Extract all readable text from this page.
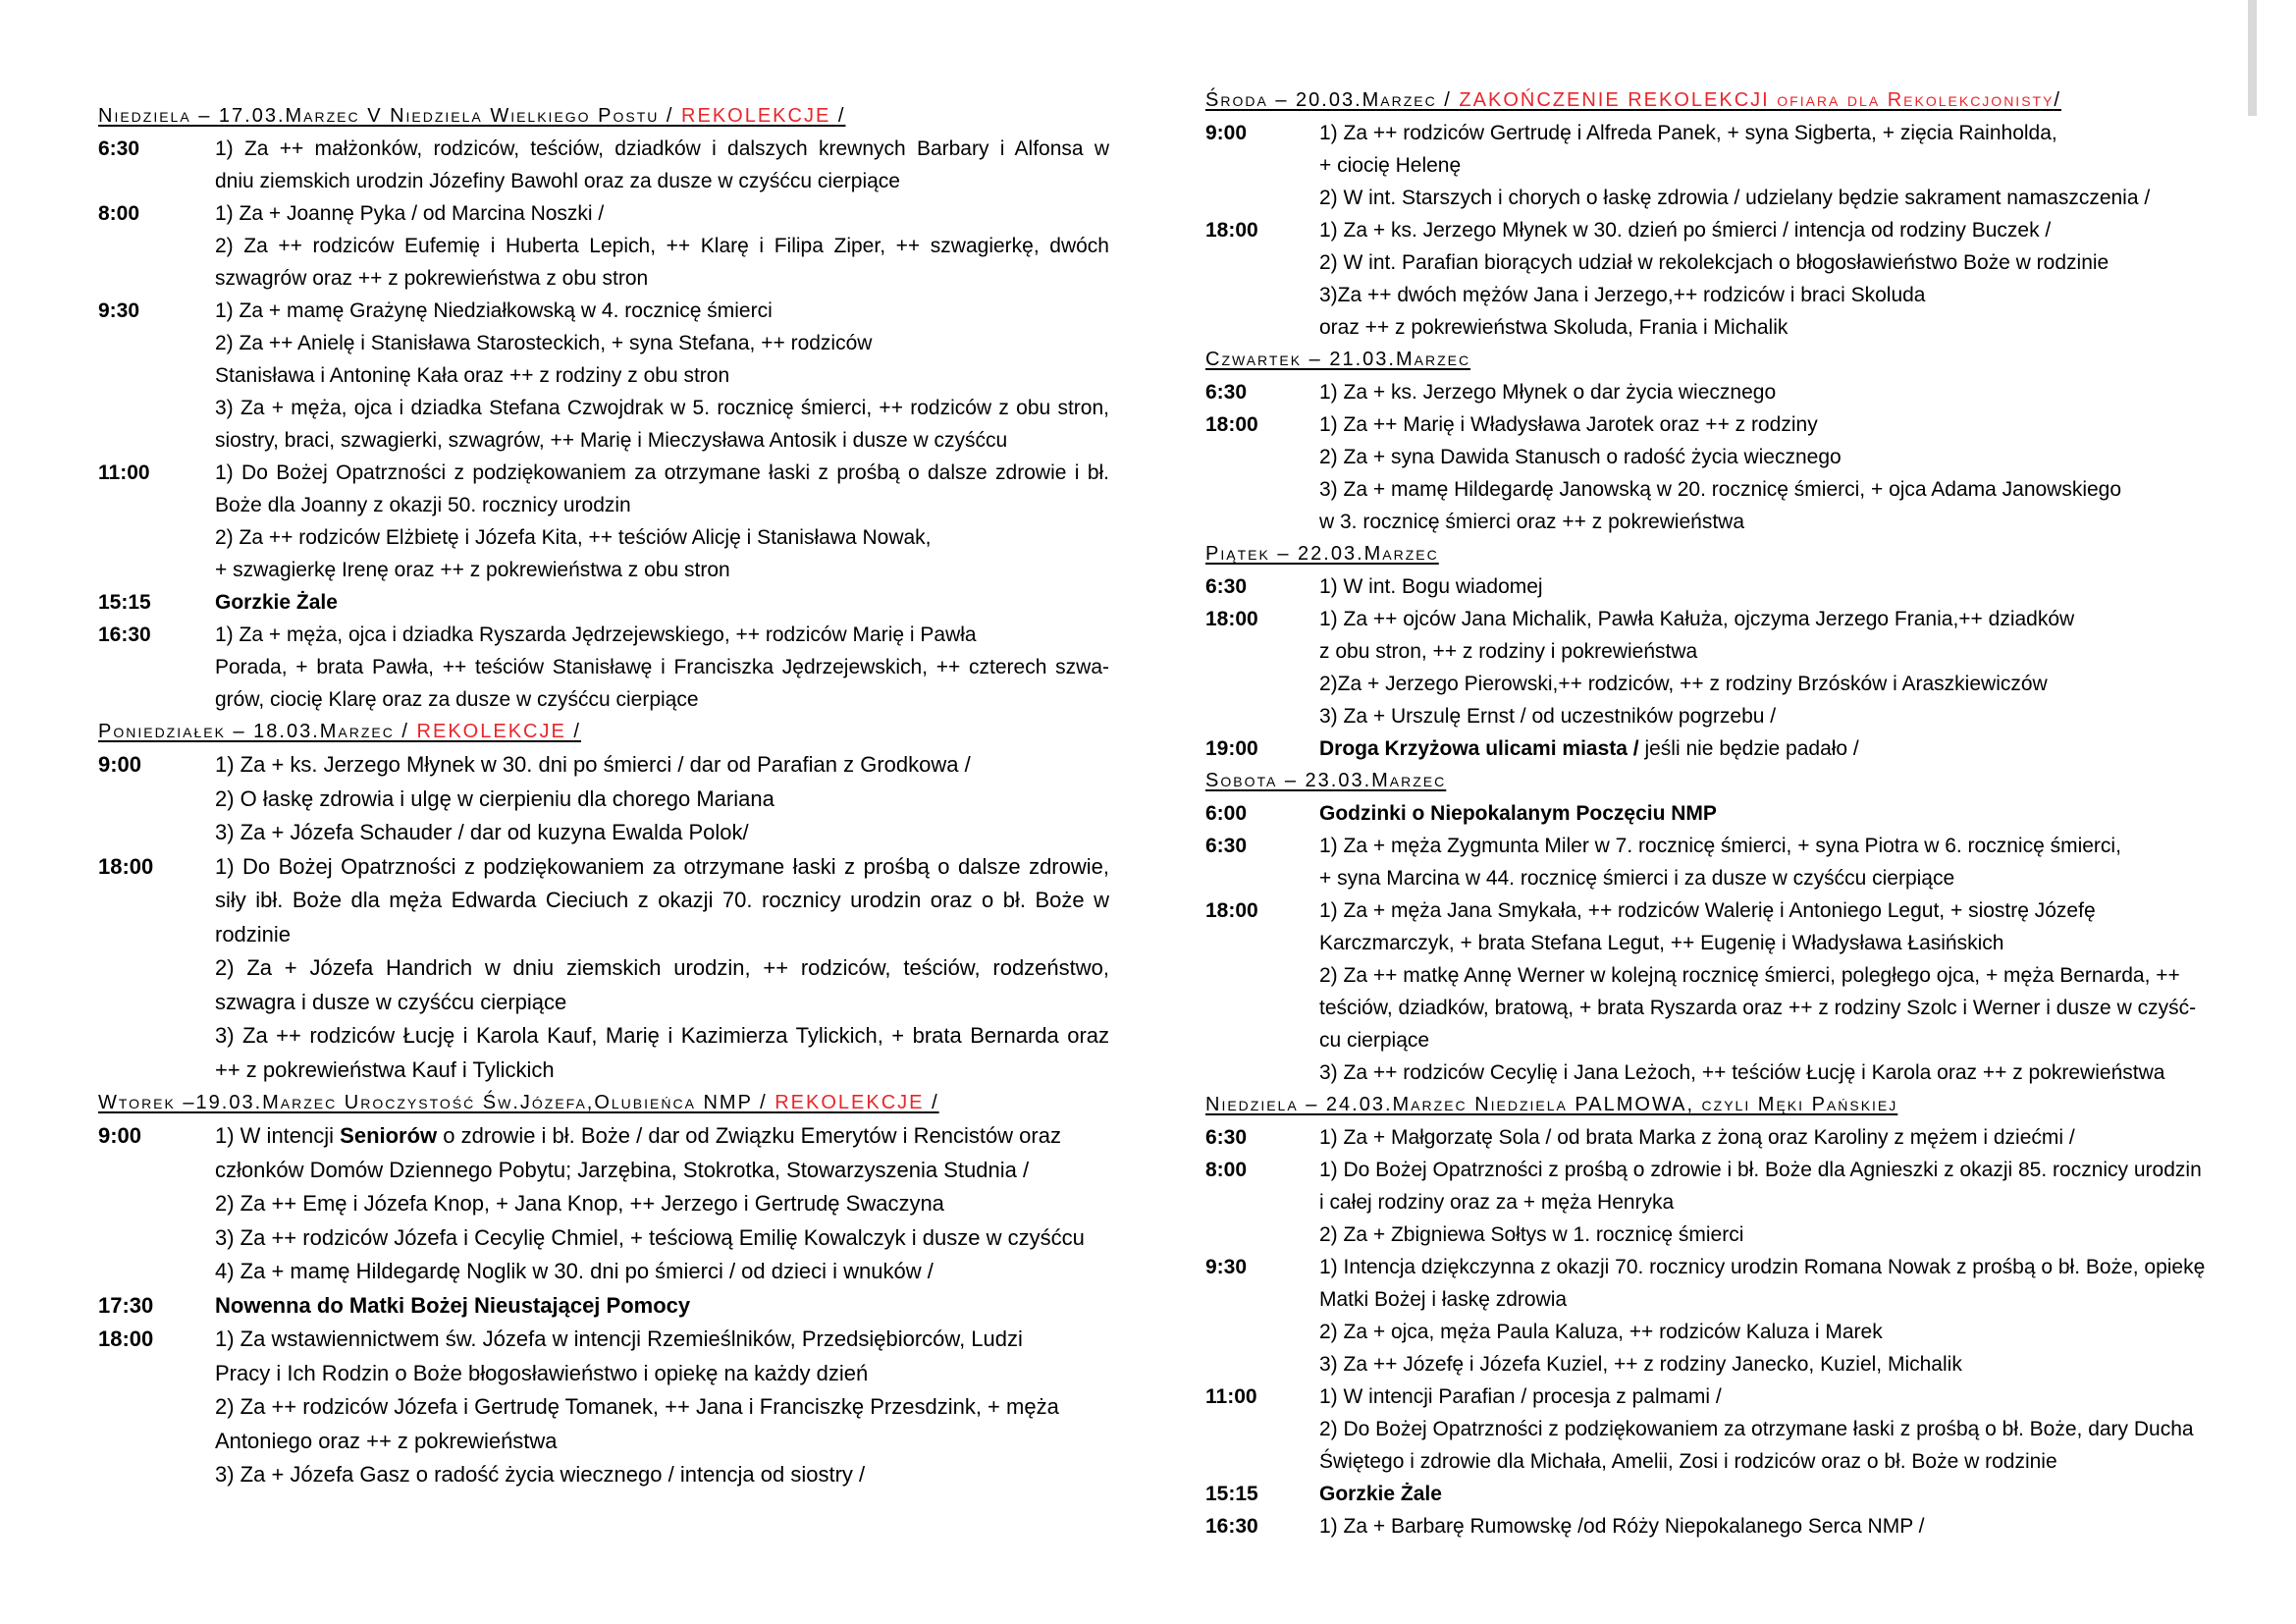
Niedziela – 17.03.Marzec V Niedziela Wielkiego Postu / REKOLEKCJE /
6:30	1) Za ++ małżonków, rodziców, teściów, dziadków i dalszych krewnych Barbary i Alfonsa w
dniu ziemskich urodzin Józefiny Bawohl oraz za dusze w czyśćcu cierpiące
8:00	1) Za + Joannę Pyka / od Marcina Noszki /
2) Za ++ rodziców Eufemię i Huberta Lepich, ++ Klarę i Filipa Ziper, ++ szwagierkę, dwóch
szwagrów oraz ++ z pokrewieństwa z obu stron
9:30	1) Za + mamę Grażynę Niedziałkowską w 4. rocznicę śmierci
2) Za ++ Anielę i Stanisława Starosteckich, + syna Stefana, ++ rodziców
Stanisława i Antoninę Kała oraz ++ z rodziny z obu stron
3) Za + męża, ojca i dziadka Stefana Czwojdrak w 5. rocznicę śmierci, ++ rodziców z obu stron,
siostry, braci, szwagierki, szwagrów, ++ Marię i Mieczysława Antosik i dusze w czyśćcu
11:00	1) Do Bożej Opatrzności z podziękowaniem za otrzymane łaski z prośbą o dalsze zdrowie i bł.
Boże dla Joanny z okazji 50. rocznicy urodzin
2) Za ++ rodziców Elżbietę i Józefa Kita, ++ teściów Alicję i Stanisława Nowak,
+ szwagierkę Irenę oraz ++ z pokrewieństwa z obu stron
15:15	Gorzkie Żale
16:30	1) Za + męża, ojca i dziadka Ryszarda Jędrzejewskiego, ++ rodziców Marię i Pawła
Porada, + brata Pawła, ++ teściów Stanisławę i Franciszka Jędrzejewskich, ++ czterech szwa-
grów, ciocię Klarę oraz za dusze w czyśćcu cierpiące
Poniedziałek – 18.03.Marzec / REKOLEKCJE /
9:00	1) Za + ks. Jerzego Młynek w 30. dni po śmierci / dar od Parafian z Grodkowa /
2) O łaskę zdrowia i ulgę w cierpieniu dla chorego Mariana
3) Za + Józefa Schauder / dar od kuzyna Ewalda Polok/
18:00	1) Do Bożej Opatrzności z podziękowaniem za otrzymane łaski z prośbą o dalsze zdrowie,
siły ibł. Boże dla męża Edwarda Cieciuch z okazji 70. rocznicy urodzin oraz o bł. Boże w
rodzinie
2) Za + Józefa Handrich w dniu ziemskich urodzin, ++ rodziców, teściów, rodzeństwo,
szwagra i dusze w czyśćcu cierpiące
3) Za ++ rodziców Łucję i Karola Kauf, Marię i Kazimierza Tylickich, + brata Bernarda oraz
++ z pokrewieństwa Kauf i Tylickich
Wtorek –19.03.Marzec Uroczystość Św.Józefa,Olubieńca NMP / REKOLEKCJE /
9:00	1) W intencji Seniorów o zdrowie i bł. Boże / dar od Związku Emerytów i Rencistów oraz
członków Domów Dziennego Pobytu; Jarzębina, Stokrotka, Stowarzyszenia Studnia /
2) Za ++ Emę i Józefa Knop, + Jana Knop, ++ Jerzego i Gertrudę Swaczyna
3) Za ++ rodziców Józefa i Cecylię Chmiel, + teściową Emilię Kowalczyk i dusze w czyśćcu
4) Za + mamę Hildegardę Noglik w 30. dni po śmierci / od dzieci i wnuków /
17:30	Nowenna do Matki Bożej Nieustającej Pomocy
18:00	1) Za wstawiennictwem św. Józefa w intencji Rzemieślników, Przedsiębiorców, Ludzi
Pracy i Ich Rodzin o Boże błogosławieństwo i opiekę na każdy dzień
2) Za ++ rodziców Józefa i Gertrudę Tomanek, ++ Jana i Franciszkę Przesdzink, + męża
Antoniego oraz ++ z pokrewieństwa
3) Za + Józefa Gasz o radość życia wiecznego / intencja od siostry /
Środa – 20.03.Marzec / ZAKOŃCZENIE REKOLEKCJI ofiara dla Rekolekcjonisty/
9:00	1) Za ++ rodziców Gertrudę i Alfreda Panek, + syna Sigberta, + zięcia Rainholda,
+ ciocię Helenę
2) W int. Starszych i chorych o łaskę zdrowia / udzielany będzie sakrament namaszczenia /
18:00	1) Za + ks. Jerzego Młynek w 30. dzień po śmierci / intencja od rodziny Buczek /
2) W int. Parafian biorących udział w rekolekcjach o błogosławieństwo Boże w rodzinie
3)Za ++ dwóch mężów Jana i Jerzego,++ rodziców i braci Skoluda
oraz ++ z pokrewieństwa Skoluda, Frania i Michalik
Czwartek – 21.03.Marzec
6:30	1) Za + ks. Jerzego Młynek o dar życia wiecznego
18:00	1) Za ++ Marię i Władysława Jarotek oraz ++ z rodziny
2) Za + syna Dawida Stanusch o radość życia wiecznego
3) Za + mamę Hildegardę Janowską w 20. rocznicę śmierci, + ojca Adama Janowskiego
w 3. rocznicę śmierci oraz ++ z pokrewieństwa
Piątek – 22.03.Marzec
6:30	1) W int. Bogu wiadomej
18:00	1) Za ++ ojców Jana Michalik, Pawła Kałuża, ojczyma Jerzego Frania,++ dziadków
z obu stron, ++ z rodziny i pokrewieństwa
2)Za + Jerzego Pierowski,++ rodziców, ++ z rodziny Brzósków i Araszkiewiczów
3) Za + Urszulę Ernst / od uczestników pogrzebu /
19:00	Droga Krzyżowa ulicami miasta / jeśli nie będzie padało /
Sobota – 23.03.Marzec
6:00	Godzinki o Niepokalanym Poczęciu NMP
6:30	1) Za + męża Zygmunta Miler w 7. rocznicę śmierci, + syna Piotra w 6. rocznicę śmierci,
+ syna Marcina w 44. rocznicę śmierci i za dusze w czyśćcu cierpiące
18:00	1) Za + męża Jana Smykała, ++ rodziców Walerię i Antoniego Legut, + siostrę Józefę
Karczmarczyk, + brata Stefana Legut, ++ Eugenię i Władysława Łasińskich
2) Za ++ matkę Annę Werner w kolejną rocznicę śmierci, poległego ojca, + męża Bernarda, ++
teściów, dziadków, bratową, + brata Ryszarda oraz ++ z rodziny Szolc i Werner i dusze w czyść-
cu cierpiące
3) Za ++ rodziców Cecylię i Jana Leżoch, ++ teściów Łucję i Karola oraz ++ z pokrewieństwa
Niedziela – 24.03.Marzec Niedziela PALMOWA, czyli Męki Pańskiej
6:30	1) Za + Małgorzatę Sola / od brata Marka z żoną oraz Karoliny z mężem i dziećmi /
8:00	1) Do Bożej Opatrzności z prośbą o zdrowie i bł. Boże dla Agnieszki z okazji 85. rocznicy urodzin
i całej rodziny oraz za + męża Henryka
2) Za + Zbigniewa Sołtys w 1. rocznicę śmierci
9:30	1) Intencja dziękczynna z okazji 70. rocznicy urodzin Romana Nowak z prośbą o bł. Boże, opiekę
Matki Bożej i łaskę zdrowia
2) Za + ojca, męża Paula Kaluza, ++ rodziców Kaluza i Marek
3) Za ++ Józefę i Józefa Kuziel, ++ z rodziny Janecko, Kuziel, Michalik
11:00	1) W intencji Parafian / procesja z palmami /
2) Do Bożej Opatrzności z podziękowaniem za otrzymane łaski z prośbą o bł. Boże, dary Ducha
Świętego i zdrowie dla Michała, Amelii, Zosi i rodziców oraz o bł. Boże w rodzinie
15:15	Gorzkie Żale
16:30	1) Za + Barbarę Rumowskę /od Róży Niepokalanego Serca NMP /
